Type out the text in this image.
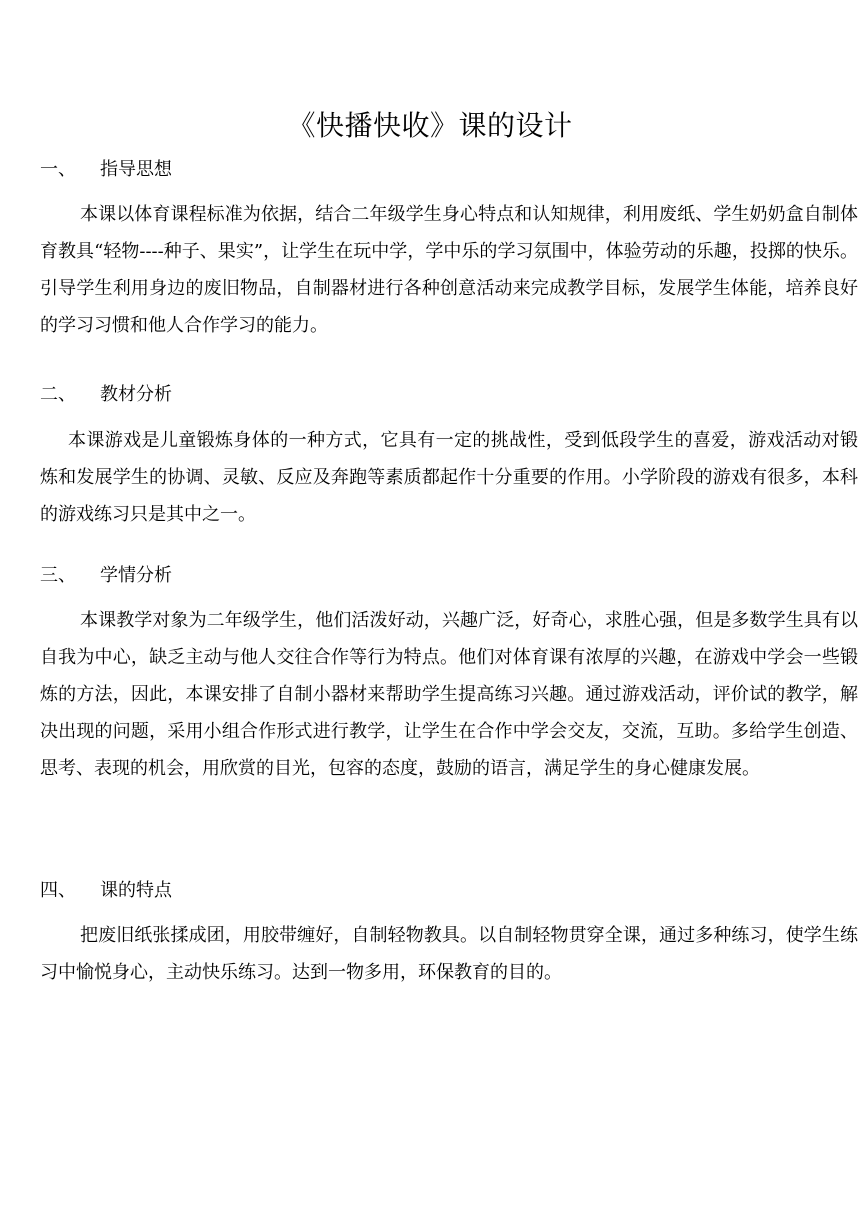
《快播快收》课的设计
一、 指导思想
本课以体育课程标准为依据，结合二年级学生身心特点和认知规律，利用废纸、学生奶奶盒自制体育教具“轻物----种子、果实”，让学生在玩中学，学中乐的学习氛围中，体验劳动的乐趣，投掷的快乐。引导学生利用身边的废旧物品，自制器材进行各种创意活动来完成教学目标，发展学生体能，培养良好的学习习惯和他人合作学习的能力。
二、 教材分析
本课游戏是儿童锻炼身体的一种方式，它具有一定的挑战性，受到低段学生的喜爱，游戏活动对锻炼和发展学生的协调、灵敏、反应及奔跑等素质都起作十分重要的作用。小学阶段的游戏有很多，本科的游戏练习只是其中之一。
三、 学情分析
本课教学对象为二年级学生，他们活泼好动，兴趣广泛，好奇心，求胜心强，但是多数学生具有以自我为中心，缺乏主动与他人交往合作等行为特点。他们对体育课有浓厚的兴趣，在游戏中学会一些锻炼的方法，因此，本课安排了自制小器材来帮助学生提高练习兴趣。通过游戏活动，评价试的教学，解决出现的问题，采用小组合作形式进行教学，让学生在合作中学会交友，交流，互助。多给学生创造、思考、表现的机会，用欣赏的目光，包容的态度，鼓励的语言，满足学生的身心健康发展。
四、 课的特点
把废旧纸张揉成团，用胶带缠好，自制轻物教具。以自制轻物贯穿全课，通过多种练习，使学生练习中愉悦身心，主动快乐练习。达到一物多用，环保教育的目的。
